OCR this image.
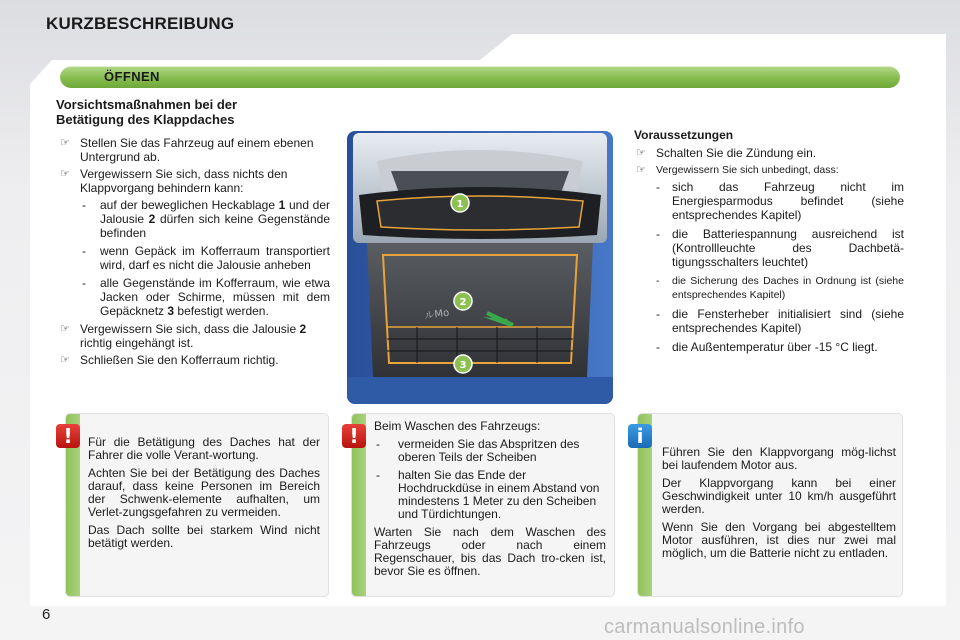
KURZBESCHREIBUNG
ÖFFNEN
Vorsichtsmaßnahmen bei der
Betätigung des Klappdaches
☞ Stellen Sie das Fahrzeug auf einem ebenen Untergrund ab.
☞ Vergewissern Sie sich, dass nichts den Klappvorgang behindern kann:
- auf der beweglichen Heckablage 1 und der Jalousie 2 dürfen sich keine Gegenstände befinden
- wenn Gepäck im Kofferraum transportiert wird, darf es nicht die Jalousie anheben
- alle Gegenstände im Kofferraum, wie etwa Jacken oder Schirme, müssen mit dem Gepäcknetz 3 befestigt werden.
☞ Vergewissern Sie sich, dass die Jalousie 2 richtig eingehängt ist.
☞ Schließen Sie den Kofferraum richtig.
ルMo
1
2
3
Voraussetzungen
☞ Schalten Sie die Zündung ein.
☞ Vergewissern Sie sich unbedingt, dass:
- sich das Fahrzeug nicht im Energiesparmodus befindet (siehe entsprechendes Kapitel)
- die Batteriespannung ausreichend ist (Kontrollleuchte des Dachbetä-tigungsschalters leuchtet)
- die Sicherung des Daches in Ordnung ist (siehe entsprechendes Kapitel)
- die Fensterheber initialisiert sind (siehe entsprechendes Kapitel)
- die Außentemperatur über -15 °C liegt.
!	Für die Betätigung des Daches hat der Fahrer die volle Verant-wortung.

Achten Sie bei der Betätigung des Daches darauf, dass keine Personen im Bereich der Schwenk-elemente aufhalten, um Verlet-zungsgefahren zu vermeiden.

Das Dach sollte bei starkem Wind nicht betätigt werden.

!	Beim Waschen des Fahrzeugs:

- vermeiden Sie das Abspritzen des oberen Teils der Scheiben
- halten Sie das Ende der Hochdruckdüse in einem Abstand von mindestens 1 Meter zu den Scheiben und Türdichtungen.

Warten Sie nach dem Waschen des Fahrzeugs oder nach einem Regenschauer, bis das Dach tro-cken ist, bevor Sie es öffnen.

i

Führen Sie den Klappvorgang mög-lichst bei laufendem Motor aus.

Der Klappvorgang kann bei einer Geschwindigkeit unter 10 km/h ausgeführt werden.

Wenn Sie den Vorgang bei abgestelltem Motor ausführen, ist dies nur zwei mal möglich, um die Batterie nicht zu entladen.

6
carmanualsonline.info
